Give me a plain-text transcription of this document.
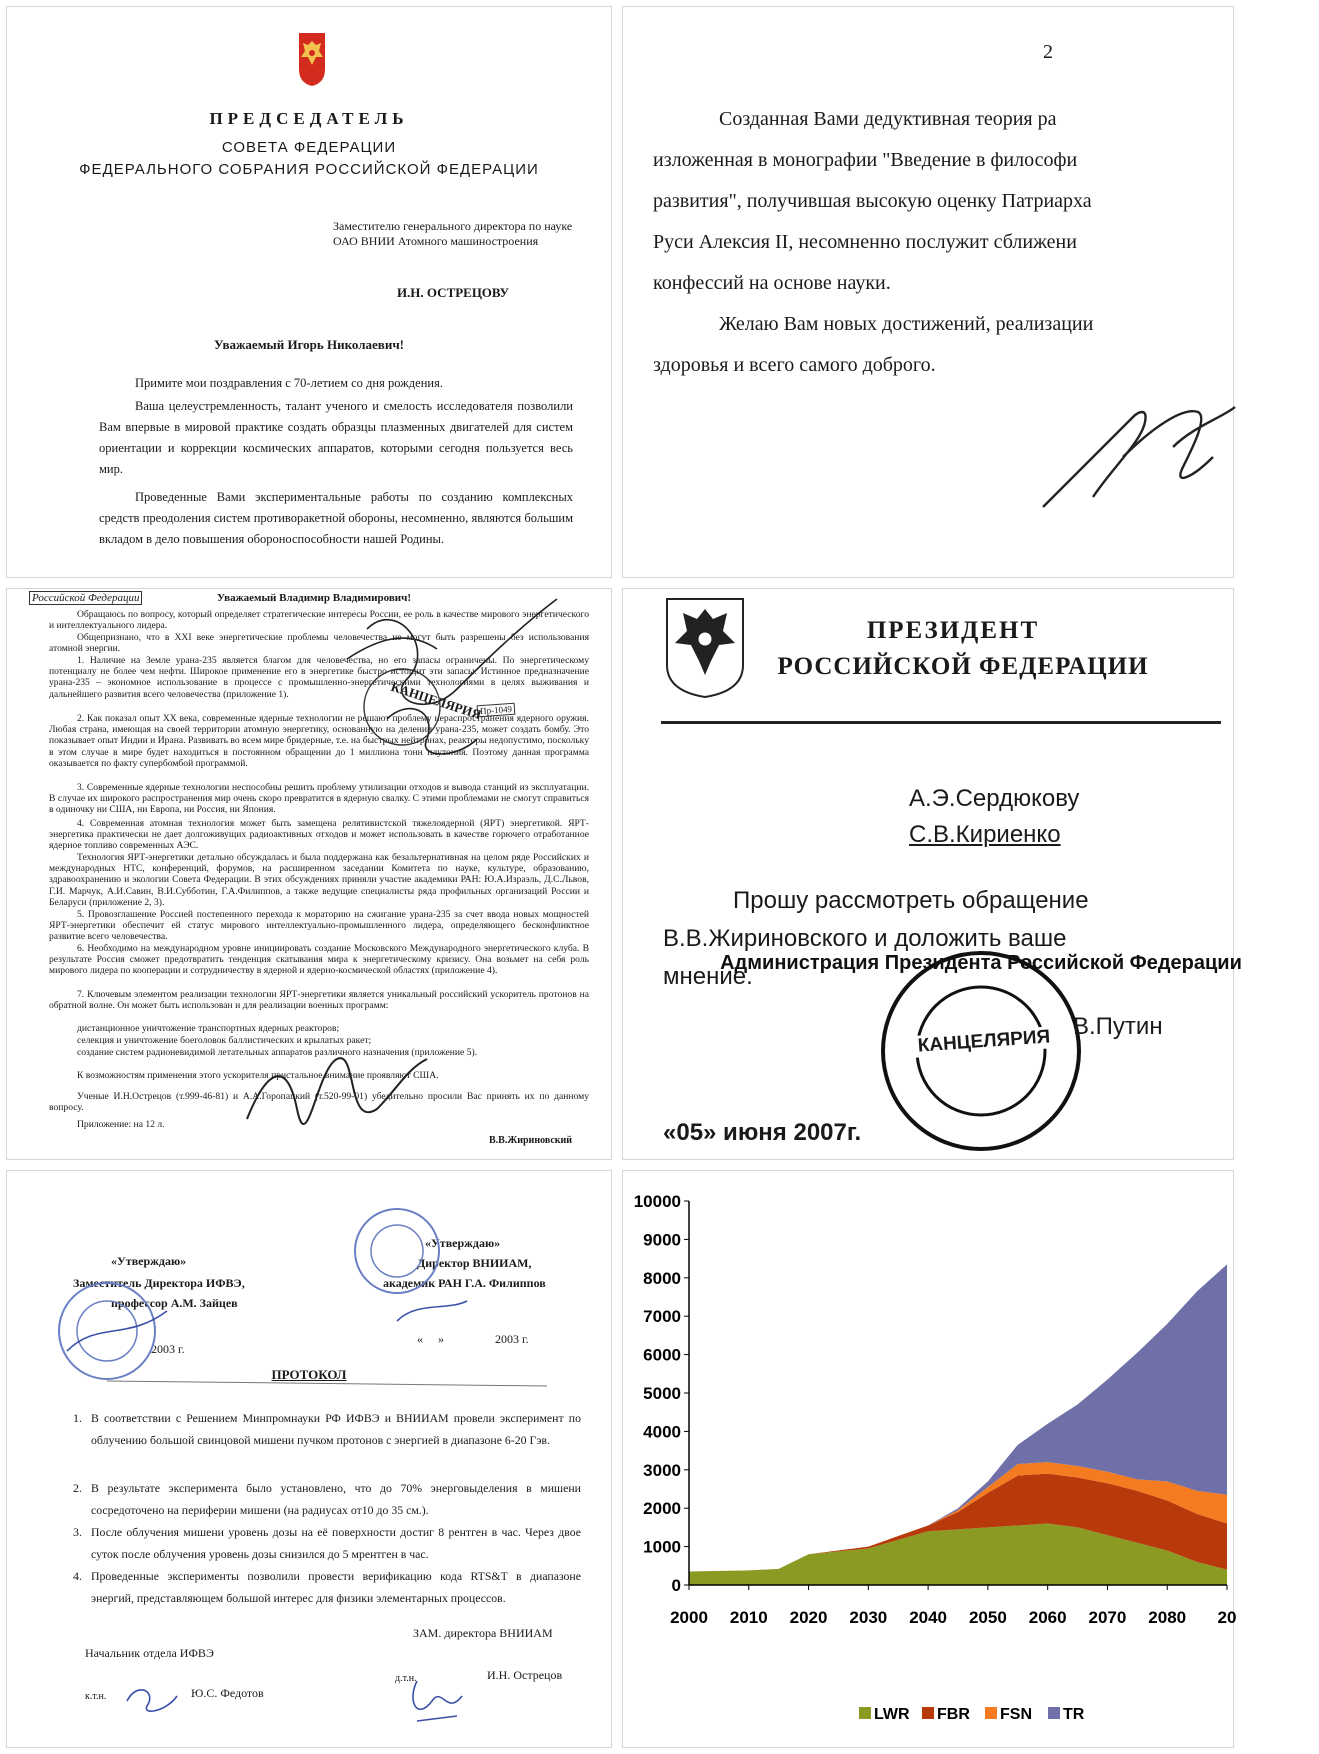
ПРЕДСЕДАТЕЛЬ
СОВЕТА ФЕДЕРАЦИИ
ФЕДЕРАЛЬНОГО СОБРАНИЯ РОССИЙСКОЙ ФЕДЕРАЦИИ
Заместителю генерального директора по науке ОАО ВНИИ Атомного машиностроения
И.Н. ОСТРЕЦОВУ
Уважаемый Игорь Николаевич!
Примите мои поздравления с 70-летием со дня рождения.
Ваша целеустремленность, талант ученого и смелость исследователя позволили Вам впервые в мировой практике создать образцы плазменных двигателей для систем ориентации и коррекции космических аппаратов, которыми сегодня пользуется весь мир.
Проведенные Вами экспериментальные работы по созданию комплексных средств преодоления систем противоракетной обороны, несомненно, являются большим вкладом в дело повышения обороноспособности нашей Родины.
2
Созданная Вами дедуктивная теория ра
изложенная в монографии "Введение в философи
развития", получившая высокую оценку Патриарха
Руси Алексия II, несомненно послужит сближени
конфессий на основе науки.
Желаю Вам новых достижений, реализации
здоровья и всего самого доброго.
Российской Федерации	Уважаемый Владимир Владимирович!
Обращаюсь по вопросу, который определяет стратегические интересы России, ее роль в качестве мирового энергетического и интеллектуального лидера.
Общепризнано, что в XXI веке энергетические проблемы человечества не могут быть разрешены без использования атомной энергии.
1. Наличие на Земле урана-235 является благом для человечества, но его запасы ограничены. По энергетическому потенциалу не более чем нефти. Широкое применение его в энергетике быстро истощит эти запасы. Истинное предназначение урана-235 – экономное использование в процессе с промышленно-энергетическими технологиями в целях выживания и дальнейшего развития всего человечества (приложение 1).
2. Как показал опыт XX века, современные ядерные технологии не решают проблему нераспространения ядерного оружия. Любая страна, имеющая на своей территории атомную энергетику, основанную на делении урана-235, может создать бомбу. Это показывает опыт Индии и Ирана. Развивать во всем мире бридерные, т.е. на быстрых нейтронах, реакторы недопустимо, поскольку в этом случае в мире будет находиться в постоянном обращении до 1 миллиона тонн плутония. Поэтому данная программа оказывается по факту супербомбой программой.
3. Современные ядерные технологии неспособны решить проблему утилизации отходов и вывода станций из эксплуатации. В случае их широкого распространения мир очень скоро превратится в ядерную свалку. С этими проблемами не смогут справиться в одиночку ни США, ни Европа, ни Россия, ни Япония.
4. Современная атомная технология может быть замещена релятивистской тяжелоядерной (ЯРТ) энергетикой. ЯРТ-энергетика практически не дает долгоживущих радиоактивных отходов и может использовать в качестве горючего отработанное ядерное топливо современных АЭС.
Технология ЯРТ-энергетики детально обсуждалась и была поддержана как безальтернативная на целом ряде Российских и международных НТС, конференций, форумов, на расширенном заседании Комитета по науке, культуре, образованию, здравоохранению и экологии Совета Федерации. В этих обсуждениях приняли участие академики РАН: Ю.А.Израэль, Д.С.Львов, Г.И. Марчук, А.И.Савин, В.И.Субботин, Г.А.Филиппов, а также ведущие специалисты ряда профильных организаций России и Беларуси (приложение 2, 3).
5. Провозглашение Россией постепенного перехода к мораторию на сжигание урана-235 за счет ввода новых мощностей ЯРТ-энергетики обеспечит ей статус мирового интеллектуально-промышленного лидера, определяющего бесконфликтное развитие всего человечества.
6. Необходимо на международном уровне инициировать создание Московского Международного энергетического клуба. В результате Россия сможет предотвратить тенденция скатывания мира к энергетическому кризису. Она возьмет на себя роль мирового лидера по кооперации и сотрудничеству в ядерной и ядерно-космической областях (приложение 4).
7. Ключевым элементом реализации технологии ЯРТ-энергетики является уникальный российский ускоритель протонов на обратной волне. Он может быть использован и для реализации военных программ:
дистанционное уничтожение транспортных ядерных реакторов;
селекция и уничтожение боеголовок баллистических и крылатых ракет;
создание систем радионевидимой летательных аппаратов различного назначения (приложение 5).
К возможностям применения этого ускорителя пристальное внимание проявляют США.
Ученые И.Н.Острецов (т.999-46-81) и А.А.Горопацкий (т.520-99-01) убедительно просили Вас принять их по данному вопросу.
Приложение: на 12 л.
В.В.Жириновский
Пр-1049
КАНЦЕЛЯРИЯ
ПРЕЗИДЕНТ
РОССИЙСКОЙ ФЕДЕРАЦИИ
А.Э.Сердюкову
С.В.Кириенко
Прошу рассмотреть обращение
В.В.Жириновского и доложить ваше
мнение.
Администрация Президента Российской Федерации
КАНЦЕЛЯРИЯ В.Путин
«05» июня 2007г.
«Утверждаю»
Заместитель Директора ИФВЭ,
профессор А.М. Зайцев
2003 г.
«Утверждаю»
Директор ВНИИАМ,
академик РАН Г.А. Филиппов
«     »                 2003 г.
ПРОТОКОЛ
1. В соответствии с Решением Минпромнауки РФ ИФВЭ и ВНИИАМ провели эксперимент по облучению большой свинцовой мишени пучком протонов с энергией в диапазоне 6-20 Гэв.
2. В результате эксперимента было установлено, что до 70% энерговыделения в мишени сосредоточено на периферии мишени (на радиусах от10 до 35 см.).
3. После облучения мишени уровень дозы на её поверхности достиг 8 рентген в час. Через двое суток после облучения уровень дозы снизился до 5 мрентген в час.
4. Проведенные эксперименты позволили провести верификацию кода RTS&T в диапазоне энергий, представляющем большой интерес для физики элементарных процессов.
Начальник отдела ИФВЭ
к.т.н.	Ю.С. Федотов
ЗАМ. директора ВНИИАМ
д.т.н.	И.Н. Острецов
0
1000
2000
3000
4000
5000
6000
7000
8000
9000
10000
2000 2010 2020 2030 2040 2050 2060 2070 2080 20
LWR FBR FSN TR
